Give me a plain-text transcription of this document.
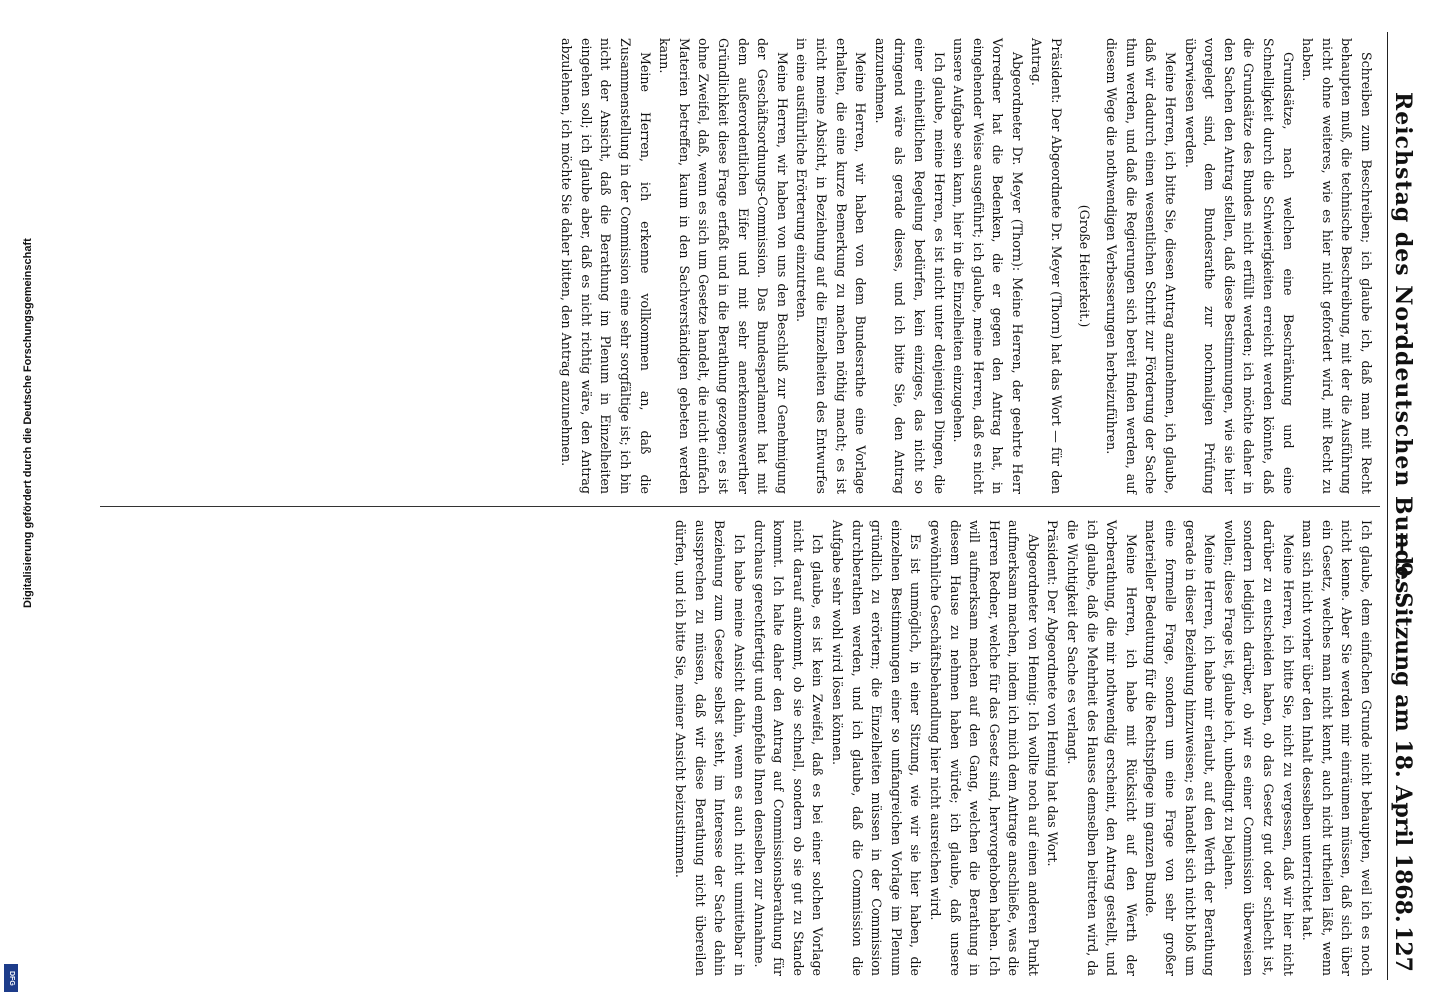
Reichstag des Norddeutschen Bundes.
— 9. Sitzung am 18. April 1868.
127

Schreiben zum Beschreiben; ich glaube ich, daß man mit Recht behaupten muß, die technische Beschreibung, mit der die Ausführung nicht ohne weiteres, wie es hier nicht gefordert wird, mit Recht zu haben.

Grundsätze, nach welchen eine Beschränkung und eine Schnelligkeit durch die Schwierigkeiten erreicht werden könnte, daß die Grundsätze des Bundes nicht erfüllt werden; ich möchte daher in den Sachen den Antrag stellen, daß diese Bestimmungen, wie sie hier vorgelegt sind, dem Bundesrathe zur nochmaligen Prüfung überwiesen werden.

Meine Herren, ich bitte Sie, diesen Antrag anzunehmen, ich glaube, daß wir dadurch einen wesentlichen Schritt zur Förderung der Sache thun werden, und daß die Regierungen sich bereit finden werden, auf diesem Wege die nothwendigen Verbesserungen herbeizuführen.

(Große Heiterkeit.)

Präsident: Der Abgeordnete Dr. Meyer (Thorn) hat das Wort — für den Antrag.

Abgeordneter Dr. Meyer (Thorn): Meine Herren, der geehrte Herr Vorredner hat die Bedenken, die er gegen den Antrag hat, in eingehender Weise ausgeführt; ich glaube, meine Herren, daß es nicht unsere Aufgabe sein kann, hier in die Einzelheiten einzugehen.

Ich glaube, meine Herren, es ist nicht unter denjenigen Dingen, die einer einheitlichen Regelung bedürfen, kein einziges, das nicht so dringend wäre als gerade dieses, und ich bitte Sie, den Antrag anzunehmen.

Meine Herren, wir haben von dem Bundesrathe eine Vorlage erhalten, die eine kurze Bemerkung zu machen nöthig macht; es ist nicht meine Absicht, in Beziehung auf die Einzelheiten des Entwurfes in eine ausführliche Erörterung einzutreten.

Meine Herren, wir haben von uns den Beschluß zur Genehmigung der Geschäftsordnungs-Commission. Das Bundesparlament hat mit dem außerordentlichen Eifer und mit sehr anerkennenswerther Gründlichkeit diese Frage erfaßt und in die Berathung gezogen; es ist ohne Zweifel, daß, wenn es sich um Gesetze handelt, die nicht einfach Materien betreffen, kaum in den Sachverständigen gebeten werden kann.

Meine Herren, ich erkenne vollkommen an, daß die Zusammenstellung in der Commission eine sehr sorgfältige ist; ich bin nicht der Ansicht, daß die Berathung im Plenum in Einzelheiten eingehen soll; ich glaube aber, daß es nicht richtig wäre, den Antrag abzulehnen, ich möchte Sie daher bitten, den Antrag anzunehmen.

Ich glaube, dem einfachen Grunde nicht behaupten, weil ich es noch nicht kenne. Aber Sie werden mir einräumen müssen, daß sich über ein Gesetz, welches man nicht kennt, auch nicht urtheilen läßt, wenn man sich nicht vorher über den Inhalt desselben unterrichtet hat.

Meine Herren, ich bitte Sie, nicht zu vergessen, daß wir hier nicht darüber zu entscheiden haben, ob das Gesetz gut oder schlecht ist, sondern lediglich darüber, ob wir es einer Commission überweisen wollen; diese Frage ist, glaube ich, unbedingt zu bejahen.

Meine Herren, ich habe mir erlaubt, auf den Werth der Berathung gerade in dieser Beziehung hinzuweisen; es handelt sich nicht bloß um eine formelle Frage, sondern um eine Frage von sehr großer materieller Bedeutung für die Rechtspflege im ganzen Bunde.

Meine Herren, ich habe mit Rücksicht auf den Werth der Vorberathung, die mir nothwendig erscheint, den Antrag gestellt, und ich glaube, daß die Mehrheit des Hauses demselben beitreten wird, da die Wichtigkeit der Sache es verlangt.

Präsident: Der Abgeordnete von Hennig hat das Wort.

Abgeordneter von Hennig: Ich wollte noch auf einen anderen Punkt aufmerksam machen, indem ich mich dem Antrage anschließe, was die Herren Redner, welche für das Gesetz sind, hervorgehoben haben. Ich will aufmerksam machen auf den Gang, welchen die Berathung in diesem Hause zu nehmen haben würde; ich glaube, daß unsere gewöhnliche Geschäftsbehandlung hier nicht ausreichen wird.

Es ist unmöglich, in einer Sitzung, wie wir sie hier haben, die einzelnen Bestimmungen einer so umfangreichen Vorlage im Plenum gründlich zu erörtern; die Einzelheiten müssen in der Commission durchberathen werden, und ich glaube, daß die Commission die Aufgabe sehr wohl wird lösen können.

Ich glaube, es ist kein Zweifel, daß es bei einer solchen Vorlage nicht darauf ankommt, ob sie schnell, sondern ob sie gut zu Stande kommt. Ich halte daher den Antrag auf Commissionsberathung für durchaus gerechtfertigt und empfehle Ihnen denselben zur Annahme.

Ich habe meine Ansicht dahin, wenn es auch nicht unmittelbar in Beziehung zum Gesetze selbst steht, im Interesse der Sache dahin aussprechen zu müssen, daß wir diese Berathung nicht übereilen dürfen, und ich bitte Sie, meiner Ansicht beizustimmen.

Digitalisierung gefördert durch die Deutsche Forschungsgemeinschaft
DFG
